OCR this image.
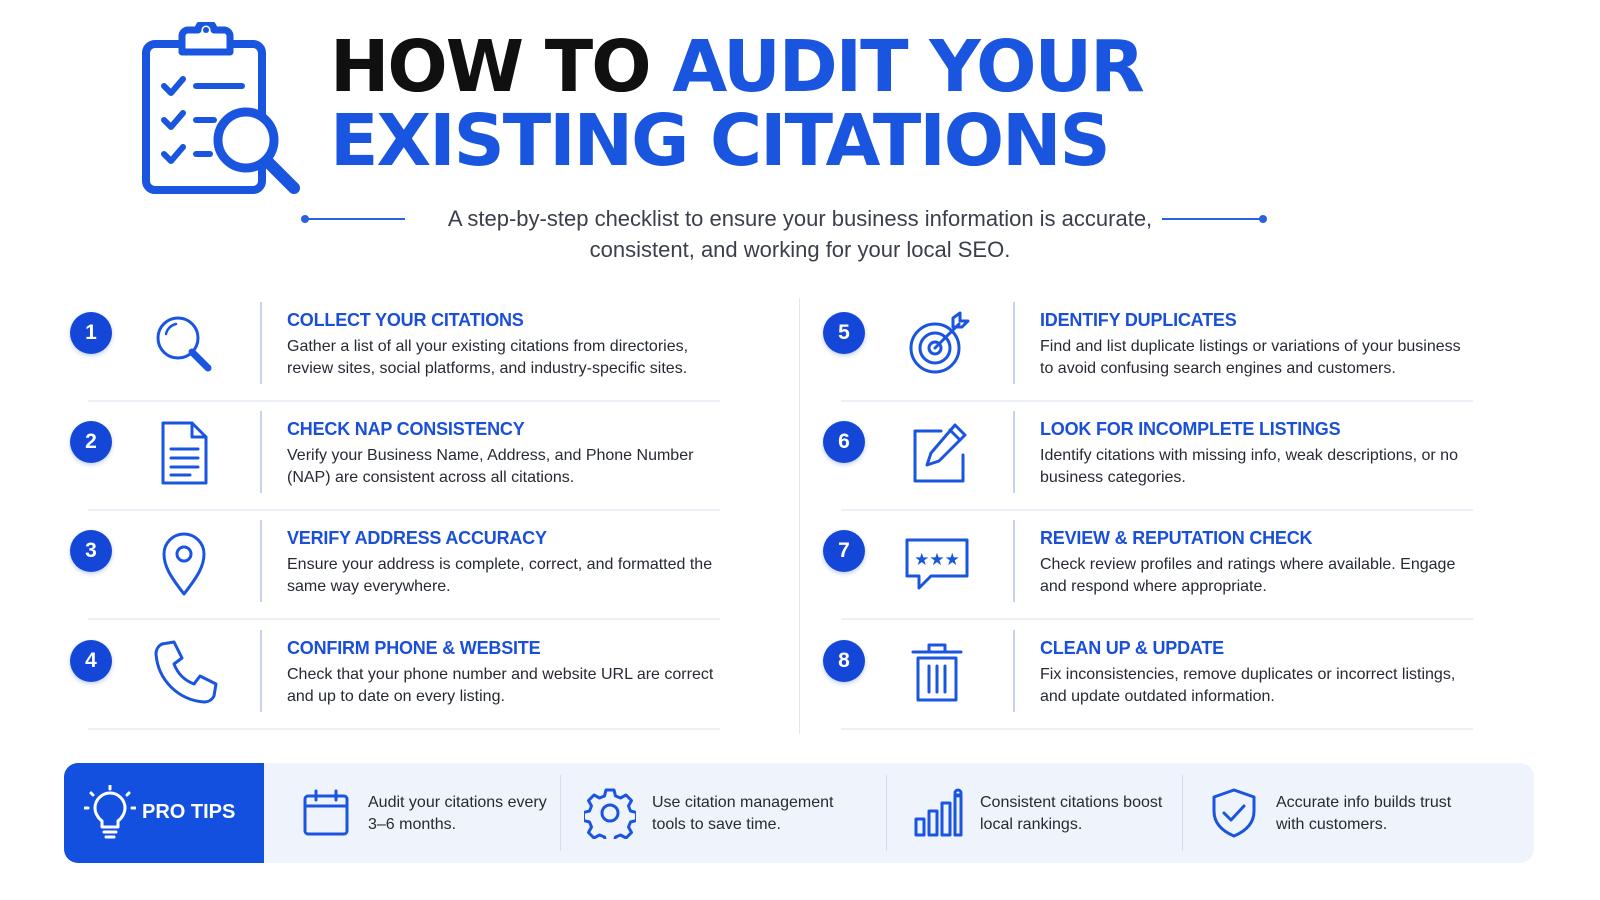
HOW TO AUDIT YOUR
EXISTING CITATIONS
A step-by-step checklist to ensure your business information is accurate,
consistent, and working for your local SEO.
1
COLLECT YOUR CITATIONS
Gather a list of all your existing citations from directories, review sites, social platforms, and industry-specific sites.
2
CHECK NAP CONSISTENCY
Verify your Business Name, Address, and Phone Number (NAP) are consistent across all citations.
3
VERIFY ADDRESS ACCURACY
Ensure your address is complete, correct, and formatted the same way everywhere.
4
CONFIRM PHONE & WEBSITE
Check that your phone number and website URL are correct and up to date on every listing.
5
IDENTIFY DUPLICATES
Find and list duplicate listings or variations of your business to avoid confusing search engines and customers.
6
LOOK FOR INCOMPLETE LISTINGS
Identify citations with missing info, weak descriptions, or no business categories.
7	★★★
REVIEW & REPUTATION CHECK
Check review profiles and ratings where available. Engage and respond where appropriate.
8
CLEAN UP & UPDATE
Fix inconsistencies, remove duplicates or incorrect listings, and update outdated information.
PRO TIPS	Audit your citations every 3–6 months.
Use citation management tools to save time.
Consistent citations boost local rankings.
Accurate info builds trust with customers.
